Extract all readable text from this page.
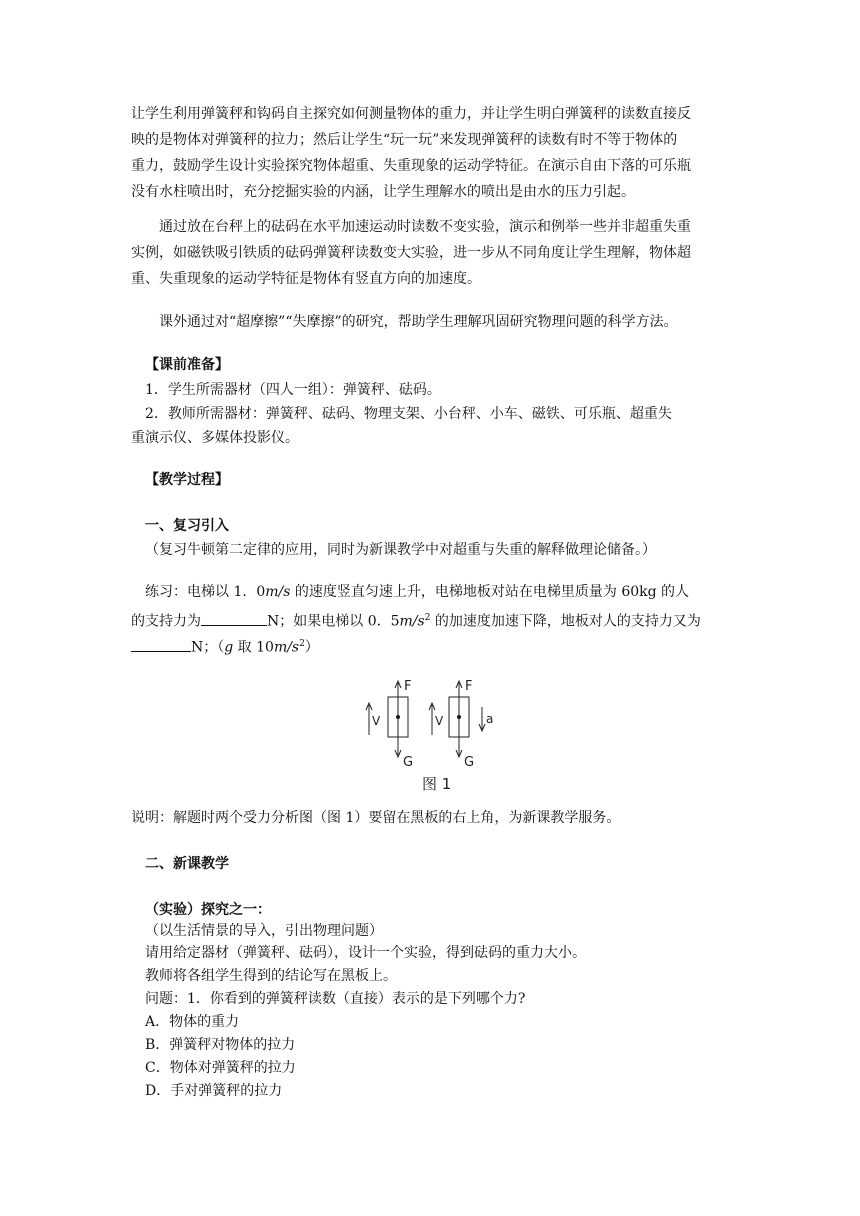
让学生利用弹簧秤和钩码自主探究如何测量物体的重力，并让学生明白弹簧秤的读数直接反
映的是物体对弹簧秤的拉力；然后让学生“玩一玩”来发现弹簧秤的读数有时不等于物体的
重力，鼓励学生设计实验探究物体超重、失重现象的运动学特征。在演示自由下落的可乐瓶
没有水柱喷出时，充分挖掘实验的内涵，让学生理解水的喷出是由水的压力引起。
通过放在台秤上的砝码在水平加速运动时读数不变实验，演示和例举一些并非超重失重
实例，如磁铁吸引铁质的砝码弹簧秤读数变大实验，进一步从不同角度让学生理解，物体超
重、失重现象的运动学特征是物体有竖直方向的加速度。
课外通过对“超摩擦”“失摩擦”的研究，帮助学生理解巩固研究物理问题的科学方法。
【课前准备】
1．学生所需器材（四人一组）：弹簧秤、砝码。
2．教师所需器材：弹簧秤、砝码、物理支架、小台秤、小车、磁铁、可乐瓶、超重失
重演示仪、多媒体投影仪。
【教学过程】
一、复习引入
（复习牛顿第二定律的应用，同时为新课教学中对超重与失重的解释做理论储备。）
练习：电梯以 1．0m/s 的速度竖直匀速上升，电梯地板对站在电梯里质量为 60kg 的人
的支持力为	N；如果电梯以 0．$5m/s^2$ 的加速度加速下降，地板对人的支持力又为
N；（g 取 $10m/s^2$）
F
G
V
F
G
V	a
图 1
说明：解题时两个受力分析图（图 1）要留在黑板的右上角，为新课教学服务。
二、新课教学
（实验）探究之一：
（以生活情景的导入，引出物理问题）
请用给定器材（弹簧秤、砝码），设计一个实验，得到砝码的重力大小。
教师将各组学生得到的结论写在黑板上。
问题：1．你看到的弹簧秤读数（直接）表示的是下列哪个力?
A．物体的重力
B．弹簧秤对物体的拉力
C．物体对弹簧秤的拉力
D．手对弹簧秤的拉力
